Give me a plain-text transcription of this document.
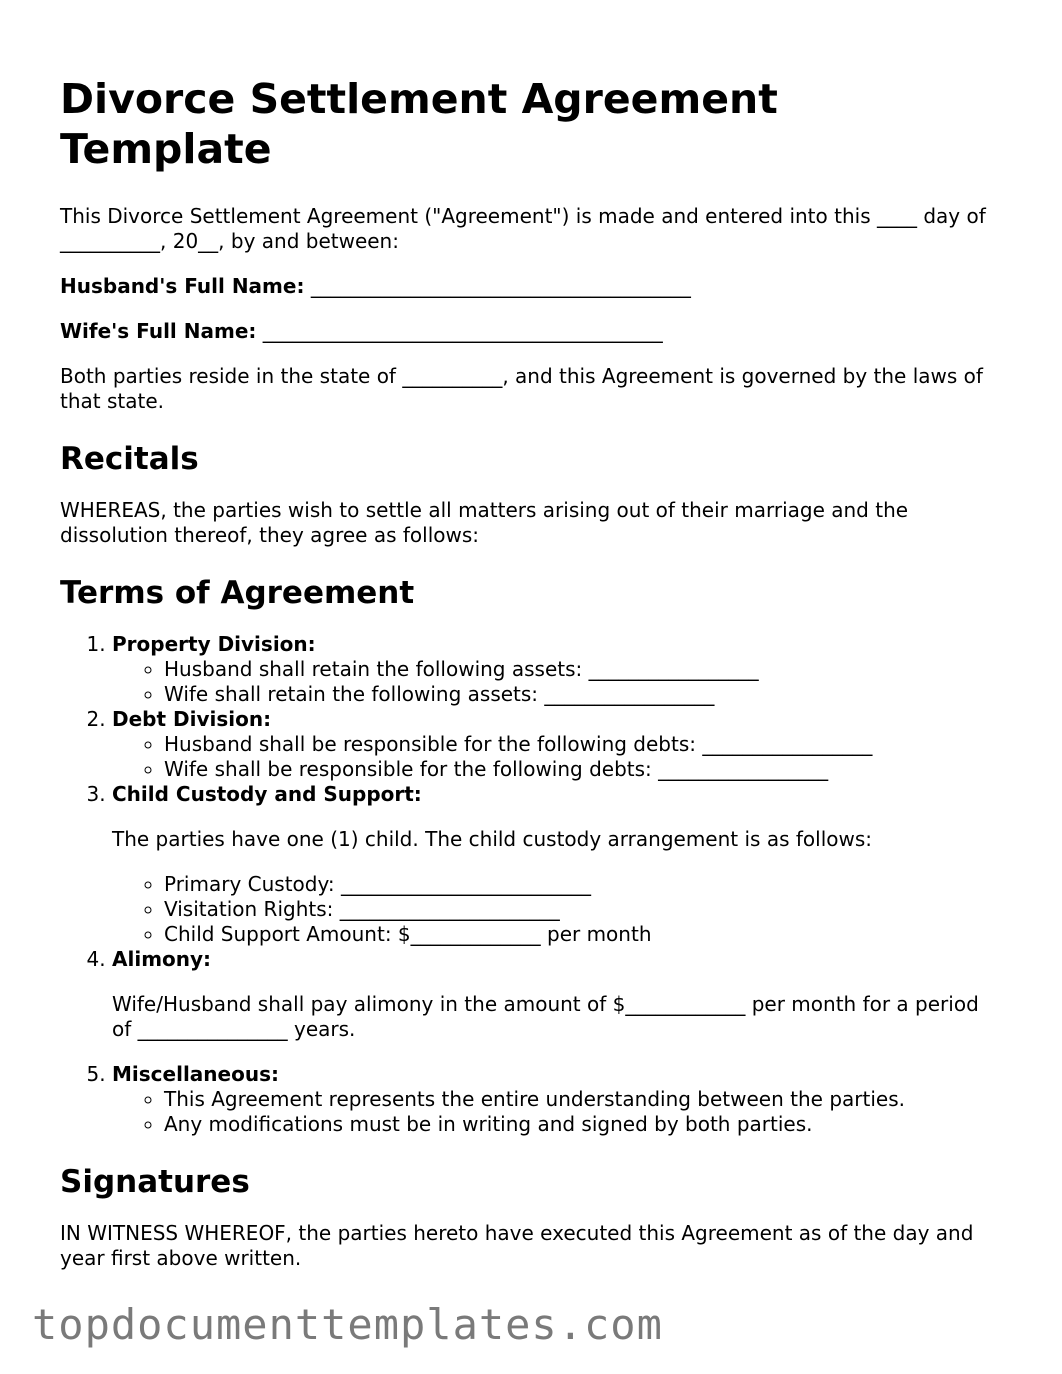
Divorce Settlement Agreement Template

This Divorce Settlement Agreement ("Agreement") is made and entered into this ____ day of __________, 20__, by and between:

Husband's Full Name: ______________________________________
Wife's Full Name: ________________________________________

Both parties reside in the state of __________, and this Agreement is governed by the laws of that state.

Recitals

WHEREAS, the parties wish to settle all matters arising out of their marriage and the dissolution thereof, they agree as follows:

Terms of Agreement
1. Property Division:
◦ Husband shall retain the following assets: _________________
◦ Wife shall retain the following assets: _________________
2. Debt Division:
◦ Husband shall be responsible for the following debts: _________________
◦ Wife shall be responsible for the following debts: _________________
3. Child Custody and Support:

The parties have one (1) child. The child custody arrangement is as follows:

◦ Primary Custody: _________________________
◦ Visitation Rights: ______________________
◦ Child Support Amount: $_____________ per month
4. Alimony:

Wife/Husband shall pay alimony in the amount of $____________ per month for a period of _______________ years.

5. Miscellaneous:
◦ This Agreement represents the entire understanding between the parties.
◦ Any modifications must be in writing and signed by both parties.
Signatures

IN WITNESS WHEREOF, the parties hereto have executed this Agreement as of the day and year first above written.

topdocumenttemplates.com
